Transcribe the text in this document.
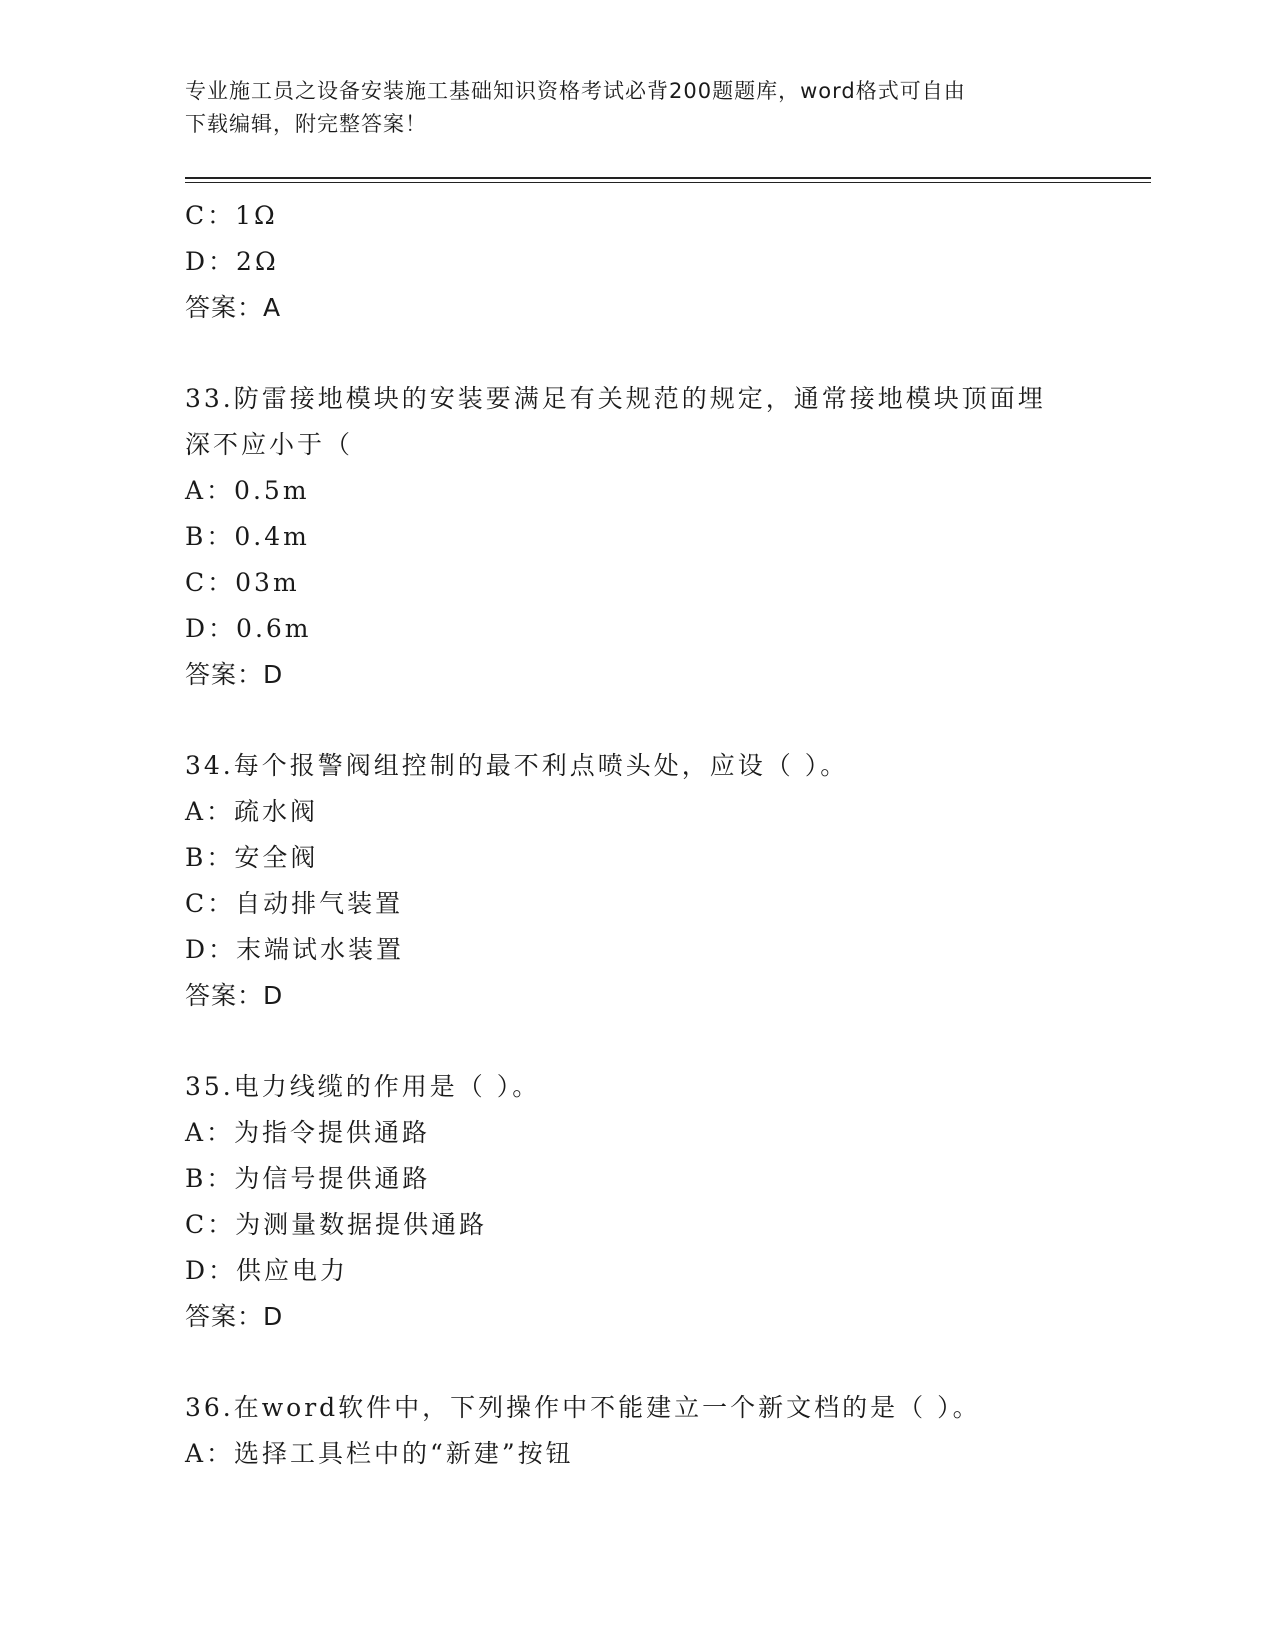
专业施工员之设备安装施工基础知识资格考试必背200题题库，word格式可自由
下载编辑，附完整答案！
C：1Ω
D：2Ω
答案：A
33.防雷接地模块的安装要满足有关规范的规定，通常接地模块顶面埋
深不应小于（
A：0.5m
B：0.4m
C：03m
D：0.6m
答案：D
34.每个报警阀组控制的最不利点喷头处，应设（ ）。
A：疏水阀
B：安全阀
C：自动排气装置
D：末端试水装置
答案：D
35.电力线缆的作用是（ ）。
A：为指令提供通路
B：为信号提供通路
C：为测量数据提供通路
D：供应电力
答案：D
36.在word软件中，下列操作中不能建立一个新文档的是（ ）。
A：选择工具栏中的“新建”按钮
